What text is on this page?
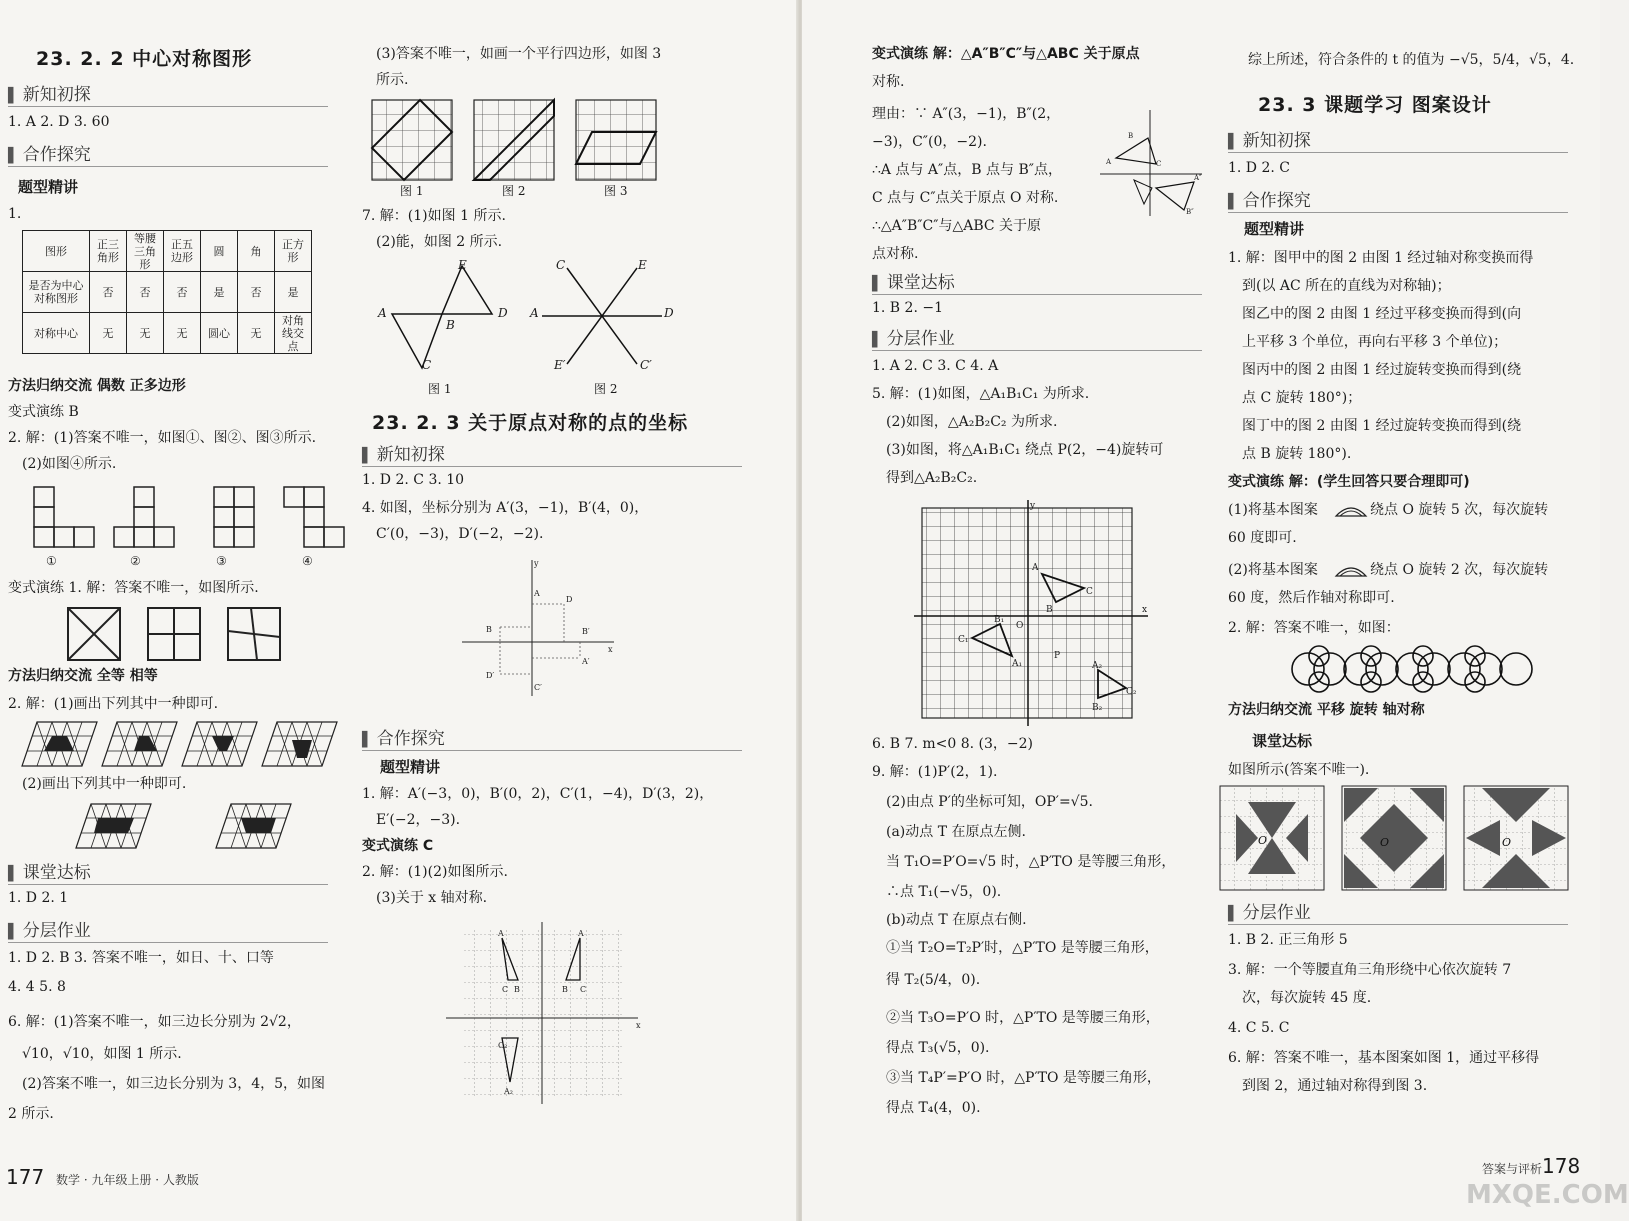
23. 2. 2 中心对称图形
▌ 新知初探
1. A 2. D 3. 60
▌ 合作探究
题型精讲
1.
图形	正三角形	等腰三角形	正五边形	圆	角	正方形
是否为中心对称图形	否	否	否	是	否	是
对称中心	无	无	无	圆心	无	对角线交点
方法归纳交流 偶数 正多边形
变式演练 B
2. 解：(1)答案不唯一，如图①、图②、图③所示.
(2)如图④所示.
①	②	③	④
变式演练 1. 解：答案不唯一，如图所示.
方法归纳交流 全等 相等
2. 解：(1)画出下列其中一种即可.
(2)画出下列其中一种即可.
▌ 课堂达标
1. D 2. 1
▌ 分层作业
1. D 2. B 3. 答案不唯一，如日、十、口等
4. 4 5. 8
6. 解：(1)答案不唯一，如三边长分别为 2√2，
√10，√10，如图 1 所示.
(2)答案不唯一，如三边长分别为 3，4，5，如图
2 所示.
(3)答案不唯一，如画一个平行四边形，如图 3
所示.
图 1	图 2	图 3
7. 解：(1)如图 1 所示.
(2)能，如图 2 所示.
E
A
B
D
C
C	E
A	D
E′	C′
图 1	图 2
23. 2. 3 关于原点对称的点的坐标
▌ 新知初探
1. D 2. C 3. 10
4. 如图，坐标分别为 A′(3，−1)，B′(4，0)，
C′(0，−3)，D′(−2，−2).
y
x
D
B	B′
A′
D′
C′
A
▌ 合作探究
题型精讲
1. 解：A′(−3，0)，B′(0，2)，C′(1，−4)，D′(3，2)，
E′(−2，−3).
变式演练 C
2. 解：(1)(2)如图所示.
(3)关于 x 轴对称.
A	A
C B	B C
C₂
A₂
x
177 数学 · 九年级上册 · 人教版
变式演练 解：△A″B″C″与△ABC 关于原点
对称.
理由：∵ A″(3，−1)，B″(2，
−3)，C″(0，−2).
∴A 点与 A″点，B 点与 B″点，
C 点与 C″点关于原点 O 对称.
∴△A″B″C″与△ABC 关于原
点对称.
B
A	C
A″
B″
▌ 课堂达标
1. B 2. −1
▌ 分层作业
1. A 2. C 3. C 4. A
5. 解：(1)如图，△A₁B₁C₁ 为所求.
(2)如图，△A₂B₂C₂ 为所求.
(3)如图，将△A₁B₁C₁ 绕点 P(2，−4)旋转可
得到△A₂B₂C₂.
y
x
A
C
B
O
C₁
B₁
A₁
P
A₂
C₂
B₂
6. B 7. m<0 8. (3，−2)
9. 解：(1)P′(2，1).
(2)由点 P′的坐标可知，OP′=√5.
(a)动点 T 在原点左侧.
当 T₁O=P′O=√5 时，△P′TO 是等腰三角形，
∴点 T₁(−√5，0).
(b)动点 T 在原点右侧.
①当 T₂O=T₂P′时，△P′TO 是等腰三角形，
得 T₂(5/4，0).
②当 T₃O=P′O 时，△P′TO 是等腰三角形，
得点 T₃(√5，0).
③当 T₄P′=P′O 时，△P′TO 是等腰三角形，
得点 T₄(4，0).
综上所述，符合条件的 t 的值为 −√5，5/4，√5，4.
23. 3 课题学习 图案设计
▌ 新知初探
1. D 2. C
▌ 合作探究
题型精讲
1. 解：图甲中的图 2 由图 1 经过轴对称变换而得
到(以 AC 所在的直线为对称轴)；
图乙中的图 2 由图 1 经过平移变换而得到(向
上平移 3 个单位，再向右平移 3 个单位)；
图丙中的图 2 由图 1 经过旋转变换而得到(绕
点 C 旋转 180°)；
图丁中的图 2 由图 1 经过旋转变换而得到(绕
点 B 旋转 180°).
变式演练 解：(学生回答只要合理即可)
(1)将基本图案	绕点 O 旋转 5 次，每次旋转
60 度即可.
(2)将基本图案	绕点 O 旋转 2 次，每次旋转
60 度，然后作轴对称即可.
2. 解：答案不唯一，如图：
方法归纳交流 平移 旋转 轴对称
课堂达标
如图所示(答案不唯一).
O	O	O
▌ 分层作业
1. B 2. 正三角形 5
3. 解：一个等腰直角三角形绕中心依次旋转 7
次，每次旋转 45 度.
4. C 5. C
6. 解：答案不唯一，基本图案如图 1，通过平移得
到图 2，通过轴对称得到图 3.
答案与评析 178
MXQE.COM
